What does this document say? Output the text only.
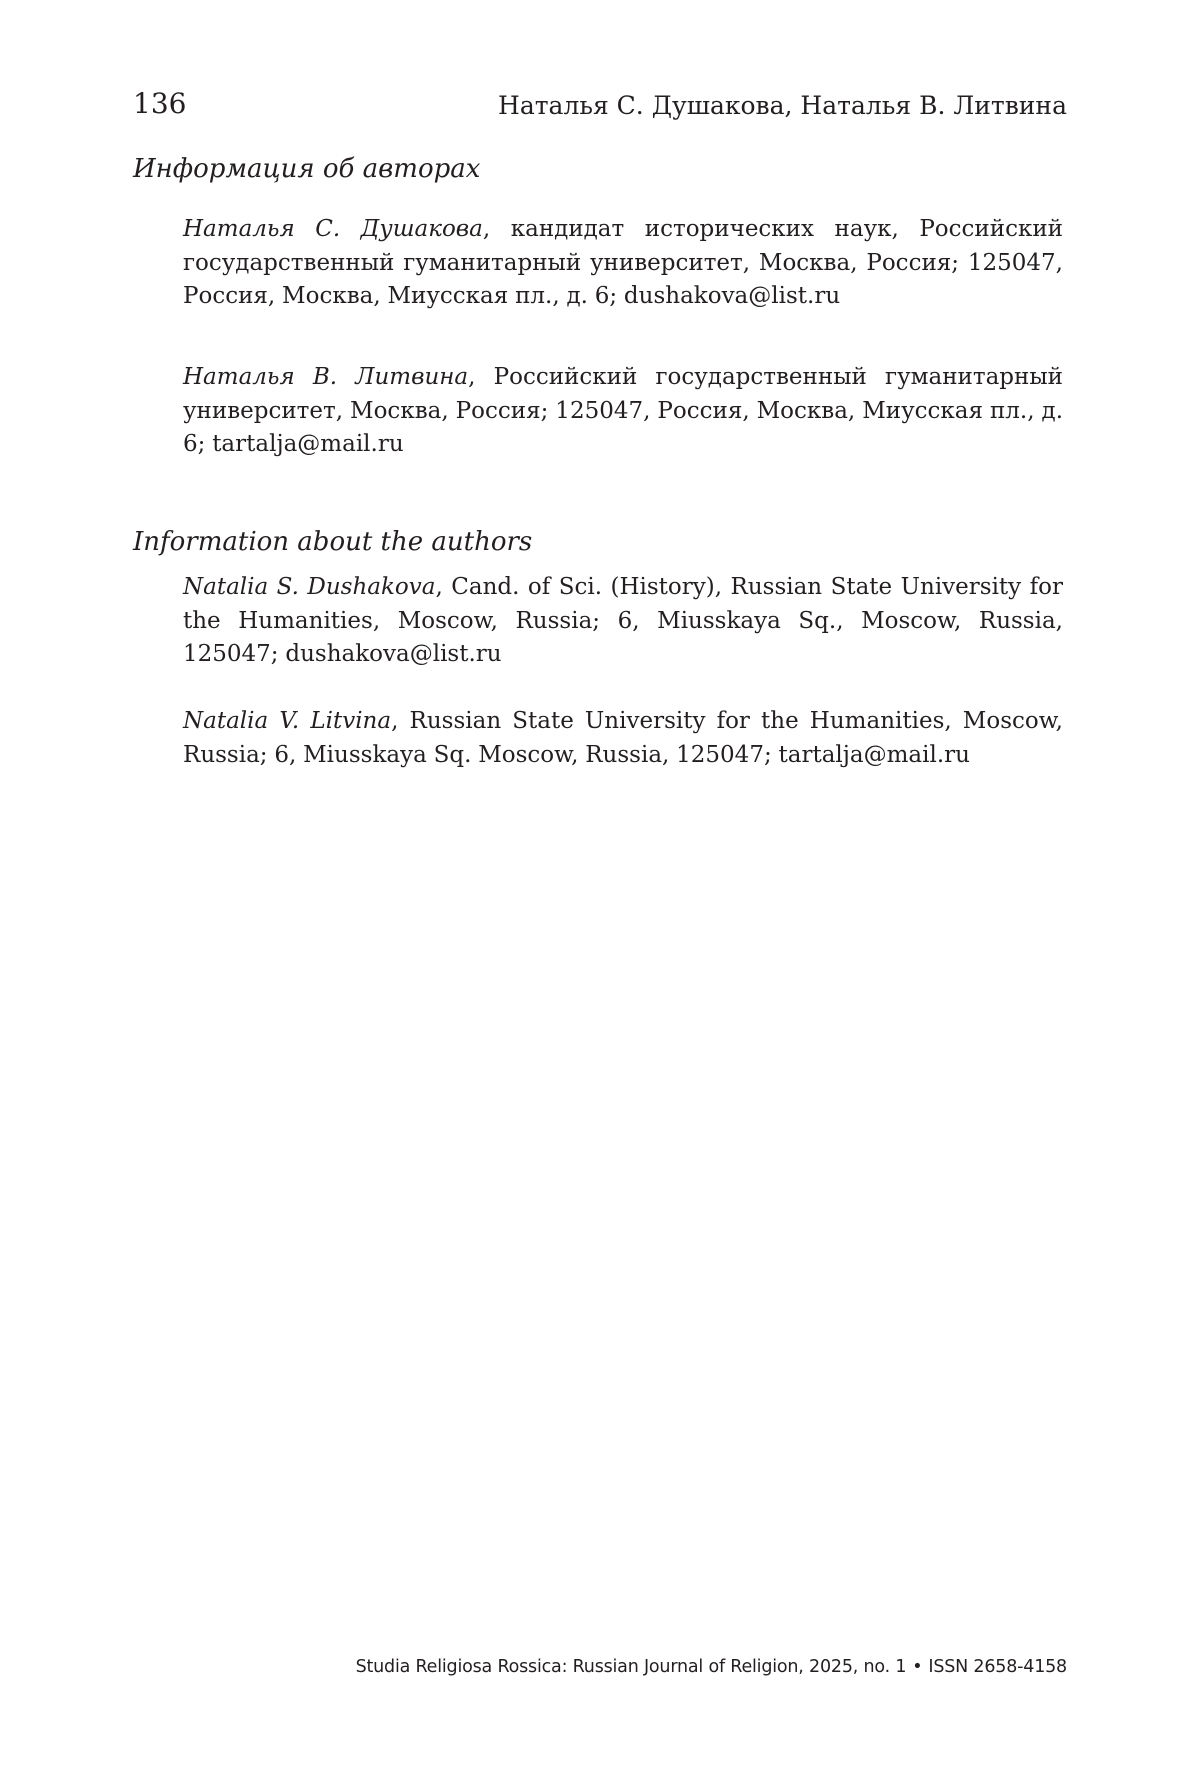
136	Наталья С. Душакова, Наталья В. Литвина
Информация об авторах

Наталья С. Душакова, кандидат исторических наук, Российский государственный гуманитарный университет, Москва, Россия; 125047, Россия, Москва, Миусская пл., д. 6; dushakova@list.ru

Наталья В. Литвина, Российский государственный гуманитарный университет, Москва, Россия; 125047, Россия, Москва, Миусская пл., д. 6; tartalja@mail.ru

Information about the authors

Natalia S. Dushakova, Cand. of Sci. (History), Russian State University for the Humanities, Moscow, Russia; 6, Miusskaya Sq., Moscow, Russia, 125047; dushakova@list.ru

Natalia V. Litvina, Russian State University for the Humanities, Moscow, Russia; 6, Miusskaya Sq. Moscow, Russia, 125047; tartalja@mail.ru

Studia Religiosa Rossica: Russian Journal of Religion, 2025, no. 1 • ISSN 2658-4158
